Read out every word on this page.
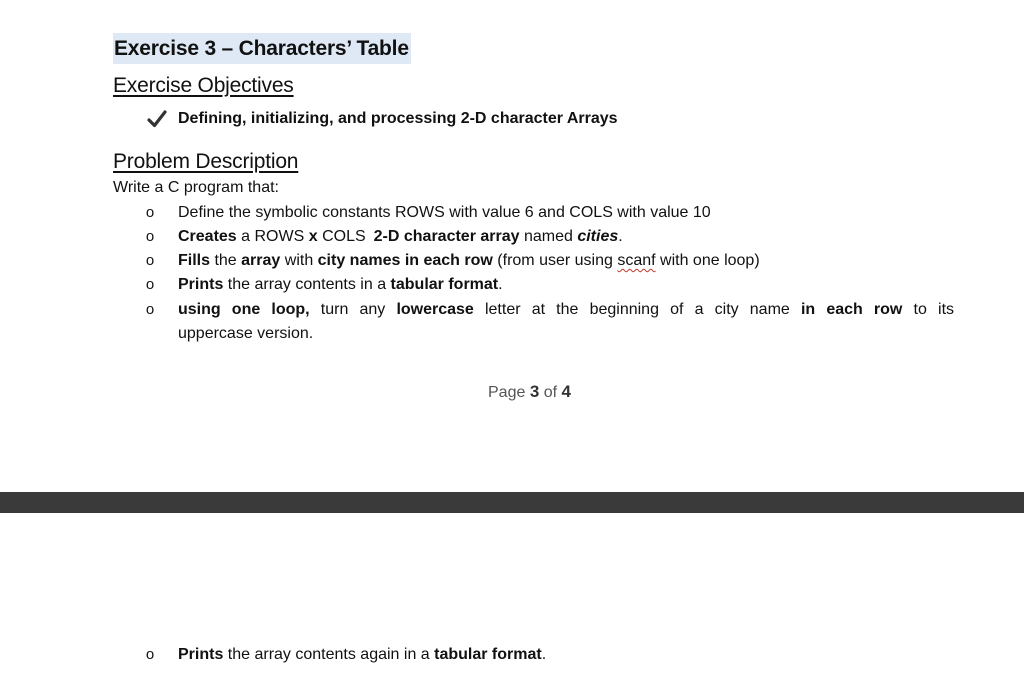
Exercise 3 – Characters’ Table
Exercise Objectives
Defining, initializing, and processing 2-D character Arrays
Problem Description
Write a C program that:
o Define the symbolic constants ROWS with value 6 and COLS with value 10
o Creates a ROWS x COLS 2-D character array named cities.
o Fills the array with city names in each row (from user using scanf with one loop)
o Prints the array contents in a tabular format.
o using one loop, turn any lowercase letter at the beginning of a city name in each row to its
uppercase version.
Page 3 of 4
o Prints the array contents again in a tabular format.
